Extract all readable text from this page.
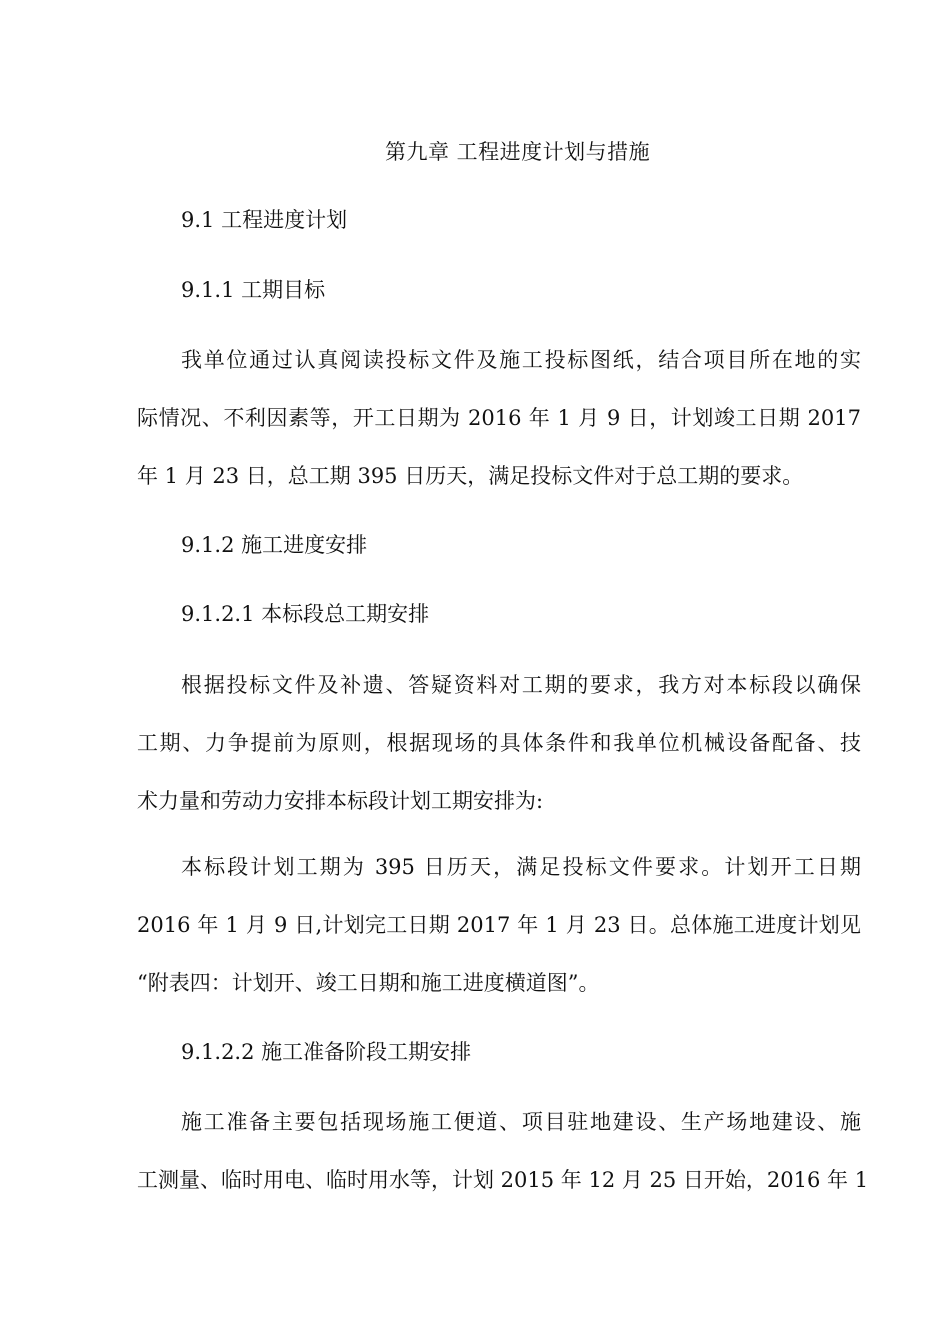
第九章 工程进度计划与措施
9.1 工程进度计划
9.1.1 工期目标
我单位通过认真阅读投标文件及施工投标图纸，结合项目所在地的实
际情况、不利因素等，开工日期为 2016 年 1 月 9 日，计划竣工日期 2017
年 1 月 23 日，总工期 395 日历天，满足投标文件对于总工期的要求。
9.1.2 施工进度安排
9.1.2.1 本标段总工期安排
根据投标文件及补遗、答疑资料对工期的要求，我方对本标段以确保
工期、力争提前为原则，根据现场的具体条件和我单位机械设备配备、技
术力量和劳动力安排本标段计划工期安排为:
本标段计划工期为 395 日历天，满足投标文件要求。计划开工日期
2016 年 1 月 9 日,计划完工日期 2017 年 1 月 23 日。总体施工进度计划见
“附表四：计划开、竣工日期和施工进度横道图”。
9.1.2.2 施工准备阶段工期安排
施工准备主要包括现场施工便道、项目驻地建设、生产场地建设、施
工测量、临时用电、临时用水等，计划 2015 年 12 月 25 日开始，2016 年 1
